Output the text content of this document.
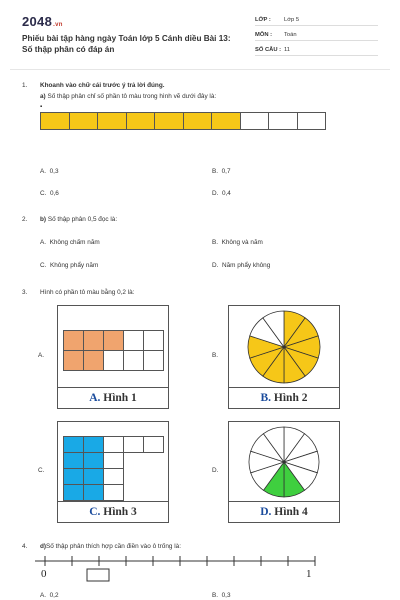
2048.vn
Phiếu bài tập hàng ngày Toán lớp 5 Cánh diều Bài 13: Số thập phân có đáp án
LỚP : Lớp 5
MÔN : Toán
SỐ CÂU : 11
1. Khoanh vào chữ cái trước ý trả lời đúng.
a) Số thập phân chỉ số phần tô màu trong hình vẽ dưới đây là:
▪
A. 0,3	B. 0,7
C. 0,6	D. 0,4
2. b) Số thập phân 0,5 đọc là:
A. Không chấm năm	B. Không và năm
C. Không phẩy năm	D. Năm phẩy không
3. Hình có phần tô màu bằng 0,2 là:
A.	B.
C.	D.
A. Hình 1	B. Hình 2
C. Hình 3	D. Hình 4
4. d)Số thập phân thích hợp cần điền vào ô trống là:
0	1
A. 0,2	B. 0,3
